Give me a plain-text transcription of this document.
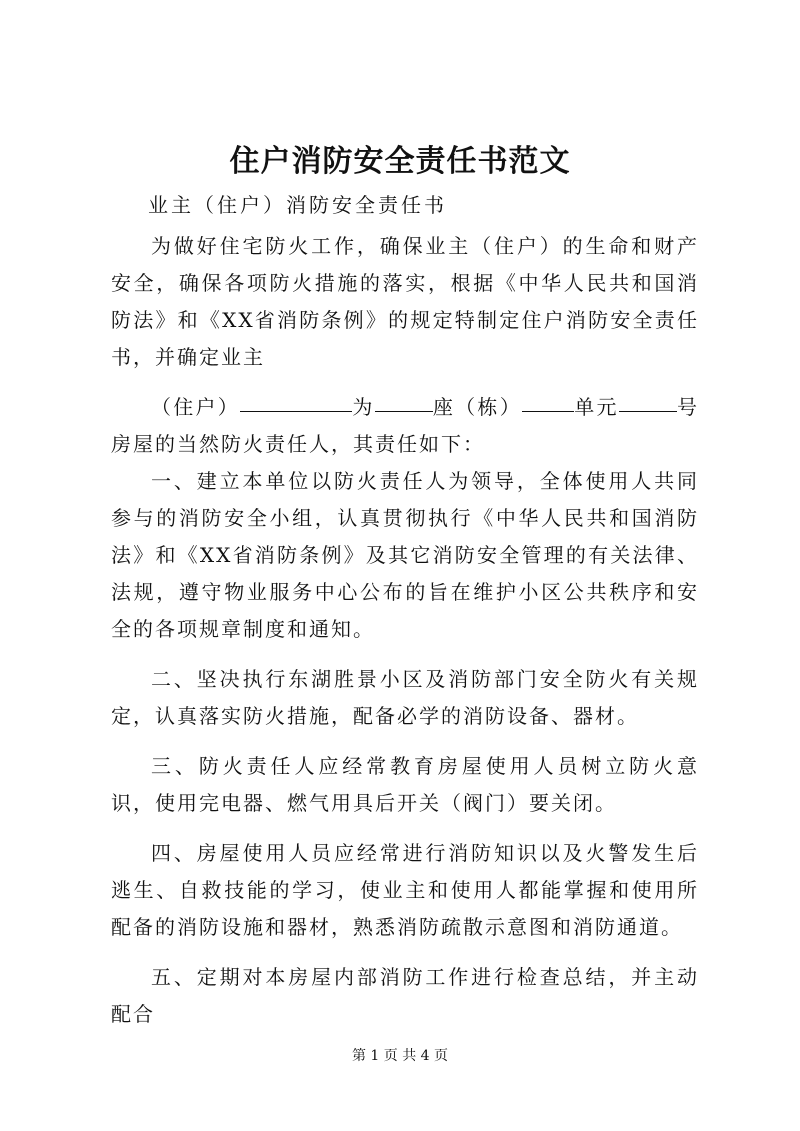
住户消防安全责任书范文
业主（住户）消防安全责任书

为做好住宅防火工作，确保业主（住户）的生命和财产安全，确保各项防火措施的落实，根据《中华人民共和国消防法》和《XX省消防条例》的规定特制定住户消防安全责任书，并确定业主

（住户）	为	座（栋）	单元	号房屋的当然防火责任人，其责任如下：

一、建立本单位以防火责任人为领导，全体使用人共同参与的消防安全小组，认真贯彻执行《中华人民共和国消防法》和《XX省消防条例》及其它消防安全管理的有关法律、法规，遵守物业服务中心公布的旨在维护小区公共秩序和安全的各项规章制度和通知。

二、坚决执行东湖胜景小区及消防部门安全防火有关规定，认真落实防火措施，配备必学的消防设备、器材。

三、防火责任人应经常教育房屋使用人员树立防火意识，使用完电器、燃气用具后开关（阀门）要关闭。

四、房屋使用人员应经常进行消防知识以及火警发生后逃生、自救技能的学习，使业主和使用人都能掌握和使用所配备的消防设施和器材，熟悉消防疏散示意图和消防通道。

五、定期对本房屋内部消防工作进行检查总结，并主动配合

第 1 页 共 4 页
